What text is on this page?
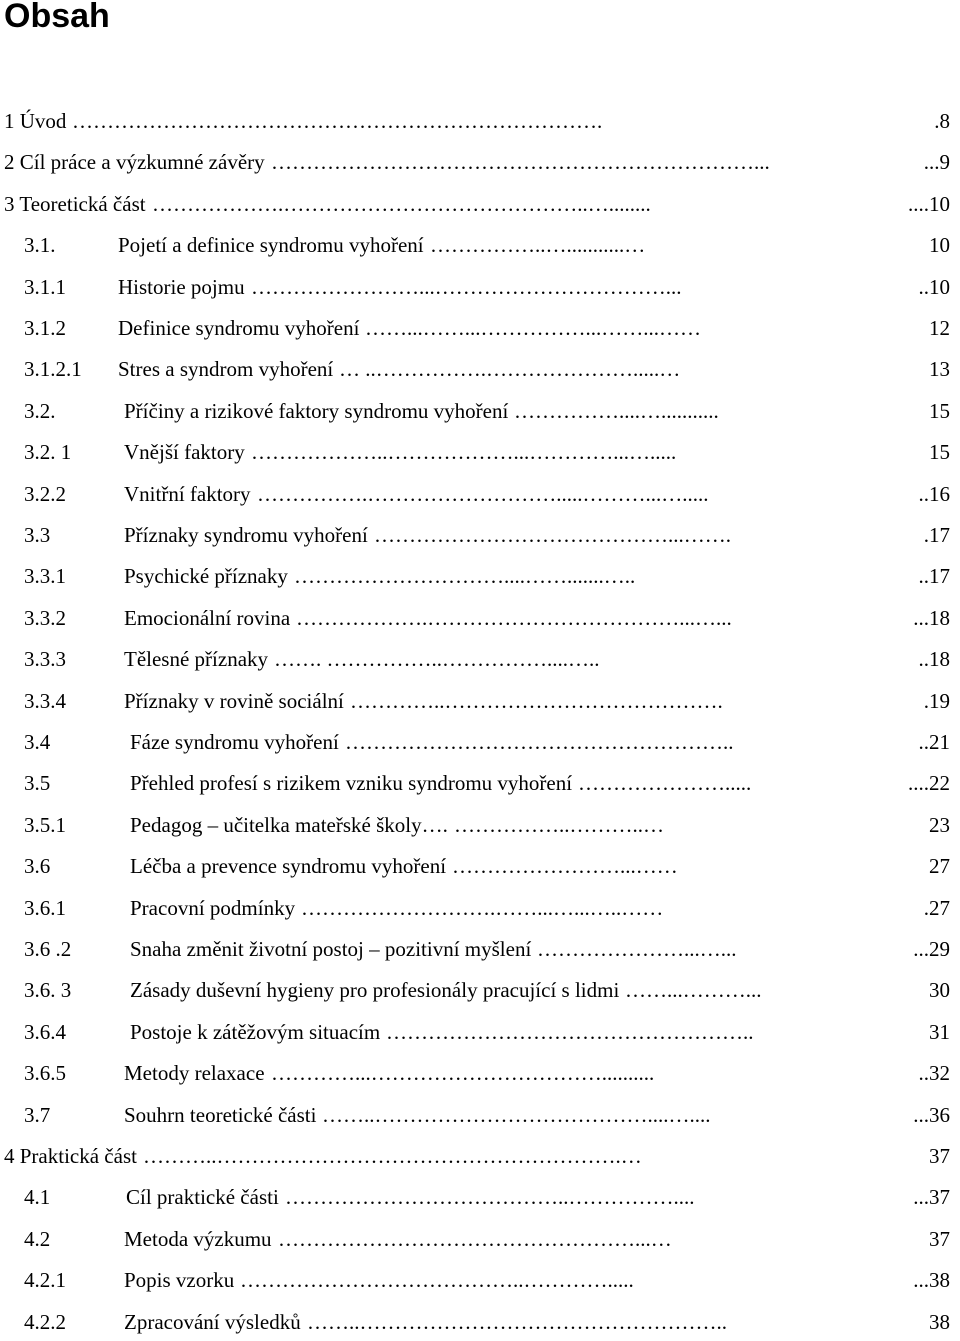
Obsah
1 Úvod	.8
………………………………………………………………….
2 Cíl práce a výzkumné závěry	...9
……………………………………………………………...
3 Teoretická část	....10
……………….……………………………………..…........
3.1.	Pojetí a definice syndromu vyhoření	10
……………..…...........…
3.1.1 Historie pojmu	..10
……………………...……………………………...
3.1.2 Definice syndromu vyhoření	12
……...……...……………...……...……
3.1.2.1 Stres a syndrom vyhoření	13
… ..…………….………………….....…
3.2.	Příčiny a rizikové faktory syndromu vyhoření	15
……………....…...........
3.2. 1	Vnější faktory	15
………………..………………...…………...….....
3.2.2	Vnitřní faktory	..16
…………….……………………….....………...….....
3.3	Příznaky syndromu vyhoření	.17
……………………………………...…….
3.3.1	Psychické příznaky	..17
…………………………....…….......…..
3.3.2	Emocionální rovina	...18
……………….………………………………...…...
3.3.3	Tělesné příznaky	..18
……. ……………..……………....…..
3.3.4	Příznaky v rovině sociální	.19
…………..………………………………….
3.4	Fáze syndromu vyhoření	..21
………………………………………………..
3.5	Přehled profesí s rizikem vzniku syndromu vyhoření	....22
………………….....
3.5.1	Pedagog – učitelka mateřské školy….	23
……………..………..…
3.6	Léčba a prevence syndromu vyhoření	27
……………………...……
3.6.1	Pracovní podmínky	.27
……………………….……...…...…..……
3.6 .2	Snaha změnit životní postoj – pozitivní myšlení	...29
…………………...…...
3.6. 3	Zásady duševní hygieny pro profesionály pracující s lidmi	30
……...………...
3.6.4	Postoje k zátěžovým situacím	31
……………………………………………..
3.6.5	Metody relaxace	..32
…………...……………………………..........
3.7	Souhrn teoretické části	...36
……..…………………………………....…....
4 Praktická část	37
………..………………………………………………….…
4.1	Cíl praktické části	...37
…………………………………..……………....
4.2	Metoda výzkumu	37
……………………………………………...…
4.2.1	Popis vzorku	...38
…………………………………..………….....
4.2.2	Zpracování výsledků	38
……..……………………………………………..
